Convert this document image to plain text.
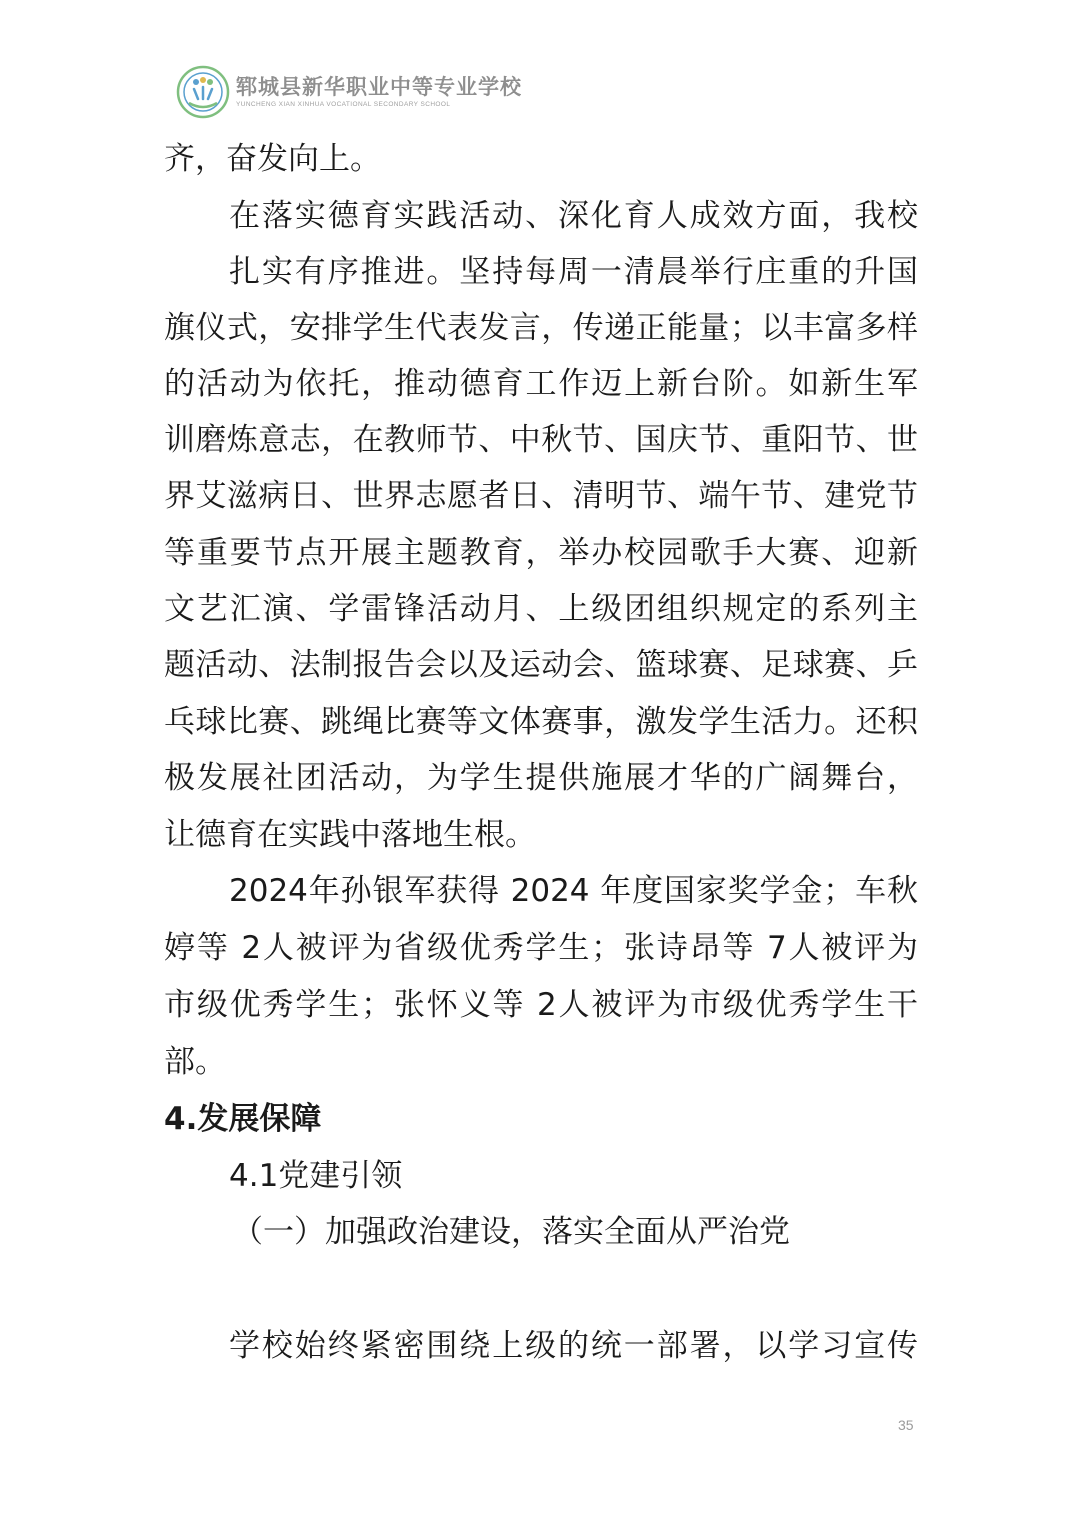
郓城县新华职业中等专业学校
YUNCHENG XIAN XINHUA VOCATIONAL SECONDARY SCHOOL
齐，奋发向上。
在落实德育实践活动、深化育人成效方面，我校
扎实有序推进。坚持每周一清晨举行庄重的升国
旗仪式，安排学生代表发言，传递正能量；以丰富多样
的活动为依托，推动德育工作迈上新台阶。如新生军
训磨炼意志，在教师节、中秋节、国庆节、重阳节、世
界艾滋病日、世界志愿者日、清明节、端午节、建党节
等重要节点开展主题教育，举办校园歌手大赛、迎新
文艺汇演、学雷锋活动月、上级团组织规定的系列主
题活动、法制报告会以及运动会、篮球赛、足球赛、乒
乓球比赛、跳绳比赛等文体赛事，激发学生活力。还积
极发展社团活动，为学生提供施展才华的广阔舞台，
让德育在实践中落地生根。
2024年孙银军获得 2024 年度国家奖学金；车秋
婷等 2人被评为省级优秀学生；张诗昂等 7人被评为
市级优秀学生；张怀义等 2人被评为市级优秀学生干
部。
4.发展保障
4.1党建引领
（一）加强政治建设，落实全面从严治党
学校始终紧密围绕上级的统一部署，以学习宣传
35
